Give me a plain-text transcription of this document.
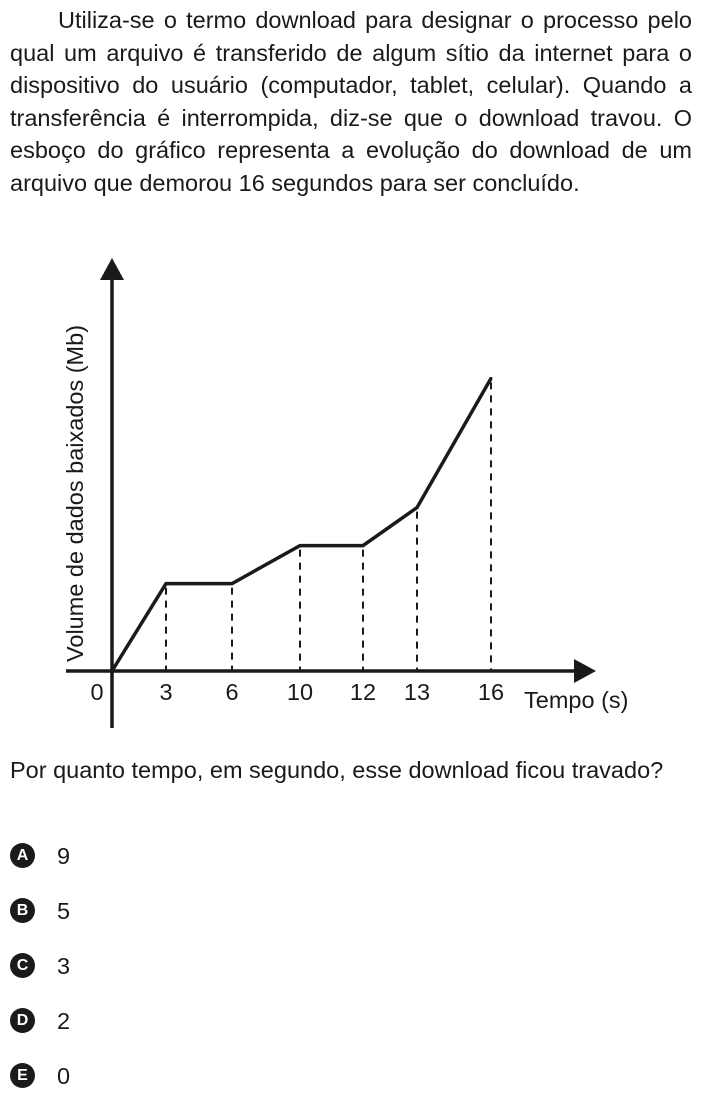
Utiliza-se o termo download para designar o processo pelo qual um arquivo é transferido de algum sítio da internet para o dispositivo do usuário (computador, tablet, celular). Quando a transferência é interrompida, diz-se que o download travou. O esboço do gráfico representa a evolução do download de um arquivo que demorou 16 segundos para ser concluído.

0 3 6 10 12 13 16 Tempo (s)
Volume de dados baixados (Mb)

Por quanto tempo, em segundo, esse download ficou travado?

A 9
B 5
C 3
D 2
E	0
